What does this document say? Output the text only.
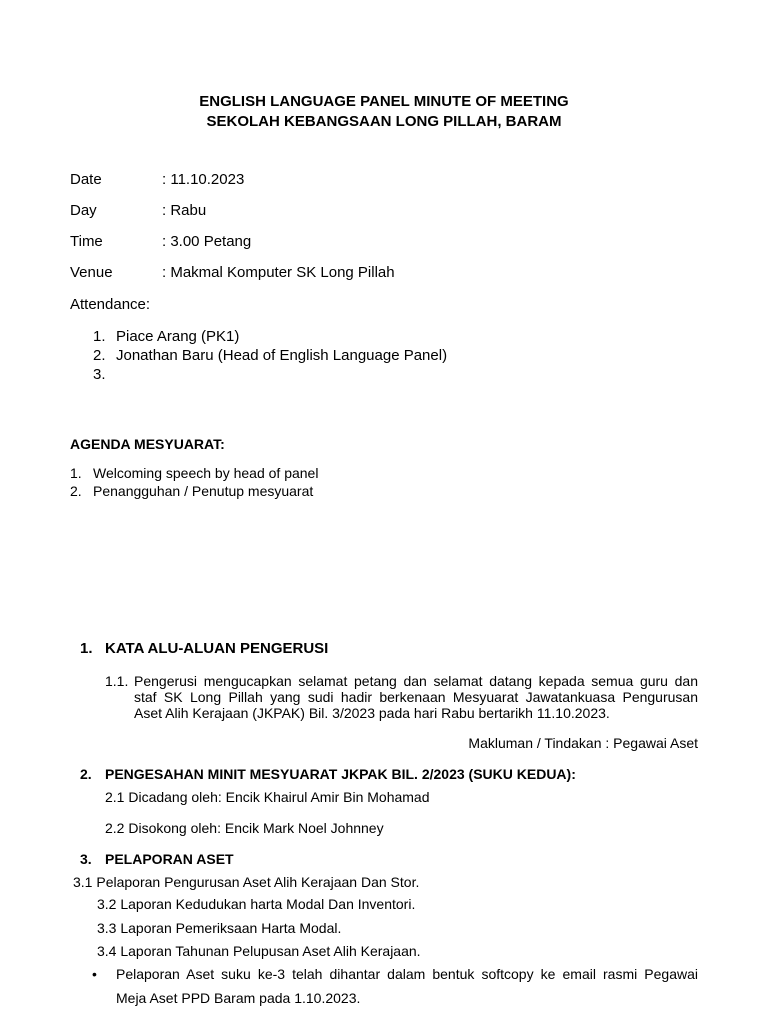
ENGLISH LANGUAGE PANEL MINUTE OF MEETING
SEKOLAH KEBANGSAAN LONG PILLAH, BARAM
Date	: 11.10.2023
Day	: Rabu
Time	: 3.00 Petang
Venue	: Makmal Komputer SK Long Pillah
Attendance:
1. Piace Arang (PK1)
2. Jonathan Baru (Head of English Language Panel)
3.
AGENDA MESYUARAT:
1. Welcoming speech by head of panel
2. Penangguhan / Penutup mesyuarat
1. KATA ALU-ALUAN PENGERUSI
1.1. Pengerusi mengucapkan selamat petang dan selamat datang kepada semua guru dan
staf SK Long Pillah yang sudi hadir berkenaan Mesyuarat Jawatankuasa Pengurusan
Aset Alih Kerajaan (JKPAK) Bil. 3/2023 pada hari Rabu bertarikh 11.10.2023.
Makluman / Tindakan : Pegawai Aset
2. PENGESAHAN MINIT MESYUARAT JKPAK BIL. 2/2023 (SUKU KEDUA):
2.1 Dicadang oleh: Encik Khairul Amir Bin Mohamad
2.2 Disokong oleh: Encik Mark Noel Johnney
3. PELAPORAN ASET
3.1 Pelaporan Pengurusan Aset Alih Kerajaan Dan Stor.
3.2 Laporan Kedudukan harta Modal Dan Inventori.
3.3 Laporan Pemeriksaan Harta Modal.
3.4 Laporan Tahunan Pelupusan Aset Alih Kerajaan.
• Pelaporan Aset suku ke-3 telah dihantar dalam bentuk softcopy ke email rasmi Pegawai
Meja Aset PPD Baram pada 1.10.2023.
